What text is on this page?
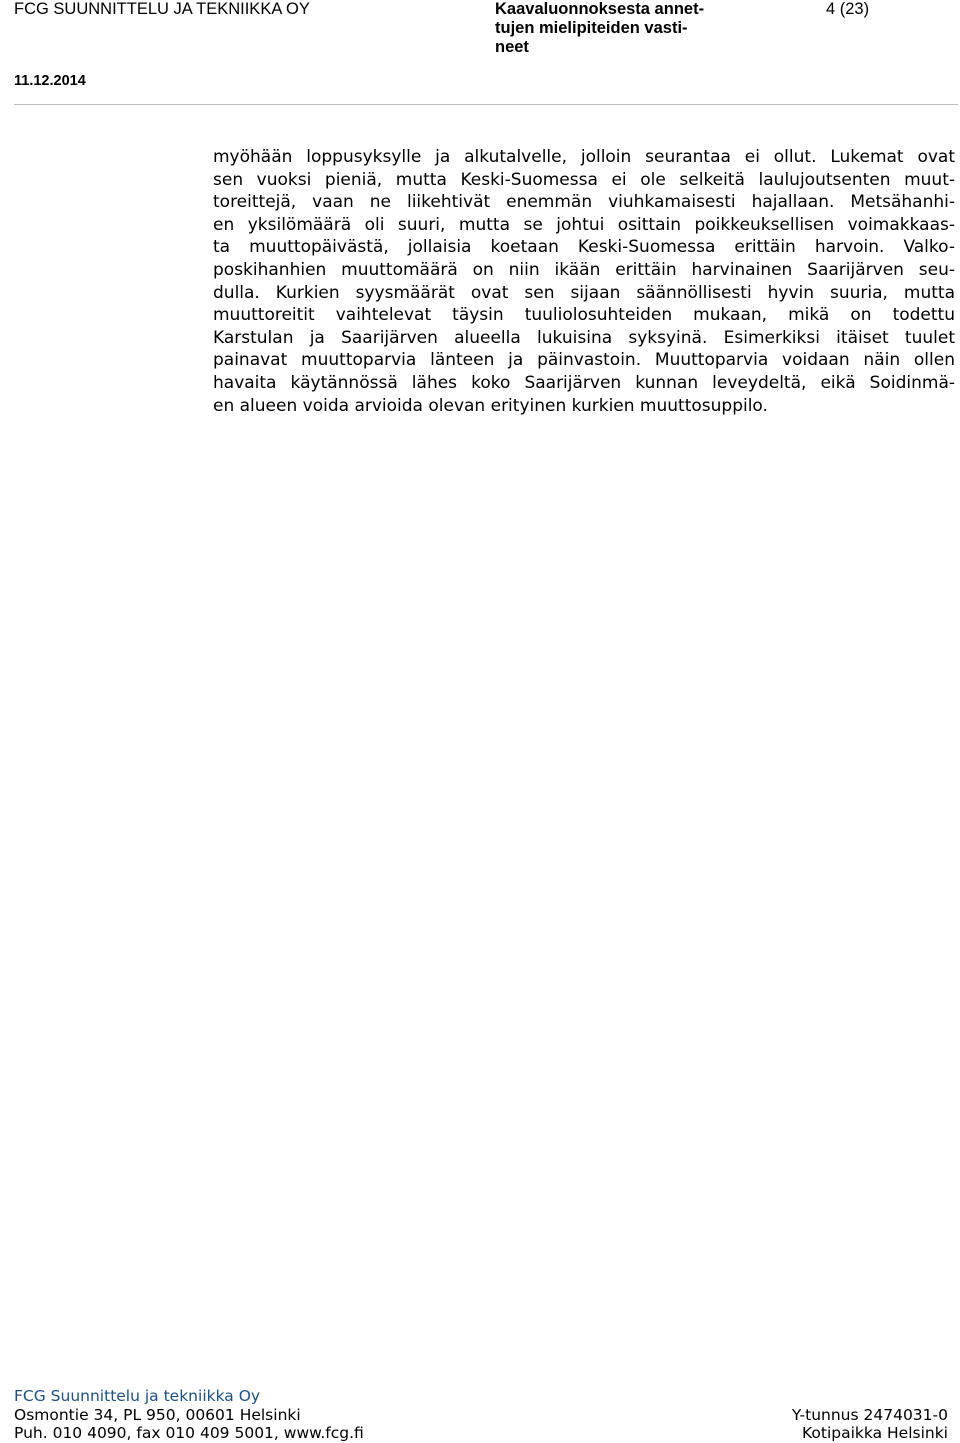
FCG SUUNNITTELU JA TEKNIIKKA OY	Kaavaluonnoksesta annet-
tujen mielipiteiden vasti-
neet
4 (23)
11.12.2014
myöhään loppusyksylle ja alkutalvelle, jolloin seurantaa ei ollut. Lukemat ovat
sen vuoksi pieniä, mutta Keski-Suomessa ei ole selkeitä laulujoutsenten muut-
toreittejä, vaan ne liikehtivät enemmän viuhkamaisesti hajallaan. Metsähanhi-
en yksilömäärä oli suuri, mutta se johtui osittain poikkeuksellisen voimakkaas-
ta muuttopäivästä, jollaisia koetaan Keski-Suomessa erittäin harvoin. Valko-
poskihanhien muuttomäärä on niin ikään erittäin harvinainen Saarijärven seu-
dulla. Kurkien syysmäärät ovat sen sijaan säännöllisesti hyvin suuria, mutta
muuttoreitit vaihtelevat täysin tuuliolosuhteiden mukaan, mikä on todettu
Karstulan ja Saarijärven alueella lukuisina syksyinä. Esimerkiksi itäiset tuulet
painavat muuttoparvia länteen ja päinvastoin. Muuttoparvia voidaan näin ollen
havaita käytännössä lähes koko Saarijärven kunnan leveydeltä, eikä Soidinmä-
en alueen voida arvioida olevan erityinen kurkien muuttosuppilo.
FCG Suunnittelu ja tekniikka Oy
Osmontie 34, PL 950, 00601 Helsinki	Y-tunnus 2474031-0
Puh. 010 4090, fax 010 409 5001, www.fcg.fi	Kotipaikka Helsinki
